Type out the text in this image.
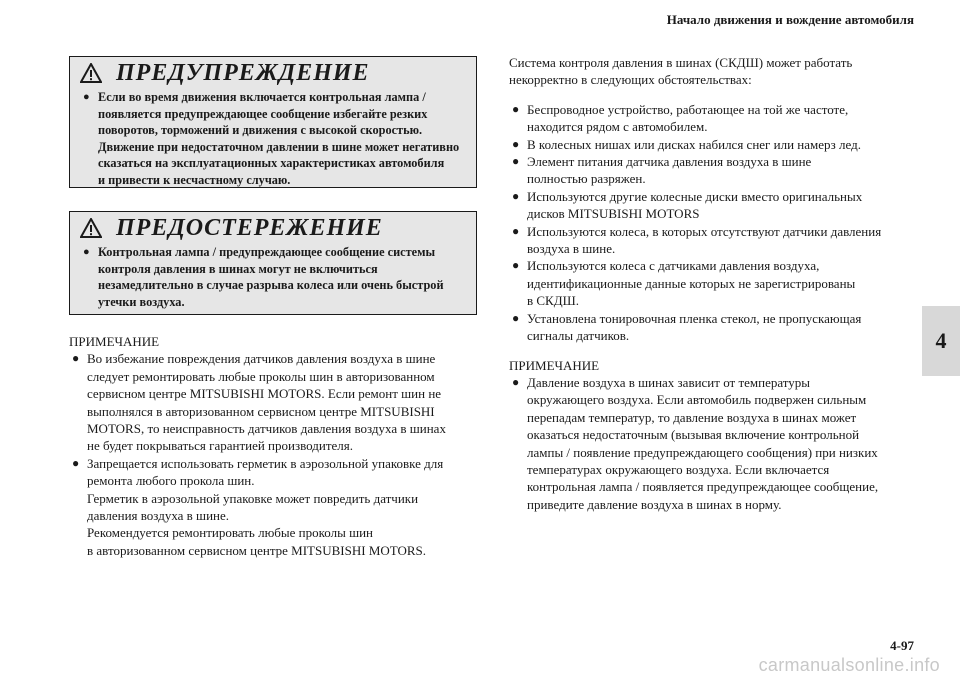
Начало движения и вождение автомобиля
4
ПРЕДУПРЕЖДЕНИЕ
● Если во время движения включается контрольная лампа /
появляется предупреждающее сообщение избегайте резких
поворотов, торможений и движения с высокой скоростью.
Движение при недостаточном давлении в шине может негативно
сказаться на эксплуатационных характеристиках автомобиля
и привести к несчастному случаю.
ПРЕДОСТЕРЕЖЕНИЕ
● Контрольная лампа / предупреждающее сообщение системы
контроля давления в шинах могут не включиться
незамедлительно в случае разрыва колеса или очень быстрой
утечки воздуха.

ПРИМЕЧАНИЕ

● Во избежание повреждения датчиков давления воздуха в шине
следует ремонтировать любые проколы шин в авторизованном
сервисном центре MITSUBISHI MOTORS. Если ремонт шин не
выполнялся в авторизованном сервисном центре MITSUBISHI
MOTORS, то неисправность датчиков давления воздуха в шинах
не будет покрываться гарантией производителя.
● Запрещается использовать герметик в аэрозольной упаковке для
ремонта любого прокола шин.
Герметик в аэрозольной упаковке может повредить датчики
давления воздуха в шине.
Рекомендуется ремонтировать любые проколы шин
в авторизованном сервисном центре MITSUBISHI MOTORS.
Система контроля давления в шинах (СКДШ) может работать
некорректно в следующих обстоятельствах:
● Беспроводное устройство, работающее на той же частоте,
находится рядом с автомобилем.
● В колесных нишах или дисках набился снег или намерз лед.
● Элемент питания датчика давления воздуха в шине
полностью разряжен.
● Используются другие колесные диски вместо оригинальных
дисков MITSUBISHI MOTORS
● Используются колеса, в которых отсутствуют датчики давления
воздуха в шине.
● Используются колеса с датчиками давления воздуха,
идентификационные данные которых не зарегистрированы
в СКДШ.
● Установлена тонировочная пленка стекол, не пропускающая
сигналы датчиков.

ПРИМЕЧАНИЕ

● Давление воздуха в шинах зависит от температуры
окружающего воздуха. Если автомобиль подвержен сильным
перепадам температур, то давление воздуха в шинах может
оказаться недостаточным (вызывая включение контрольной
лампы / появление предупреждающего сообщения) при низких
температурах окружающего воздуха. Если включается
контрольная лампа / появляется предупреждающее сообщение,
приведите давление воздуха в шинах в норму.
4-97
carmanualsonline.info
